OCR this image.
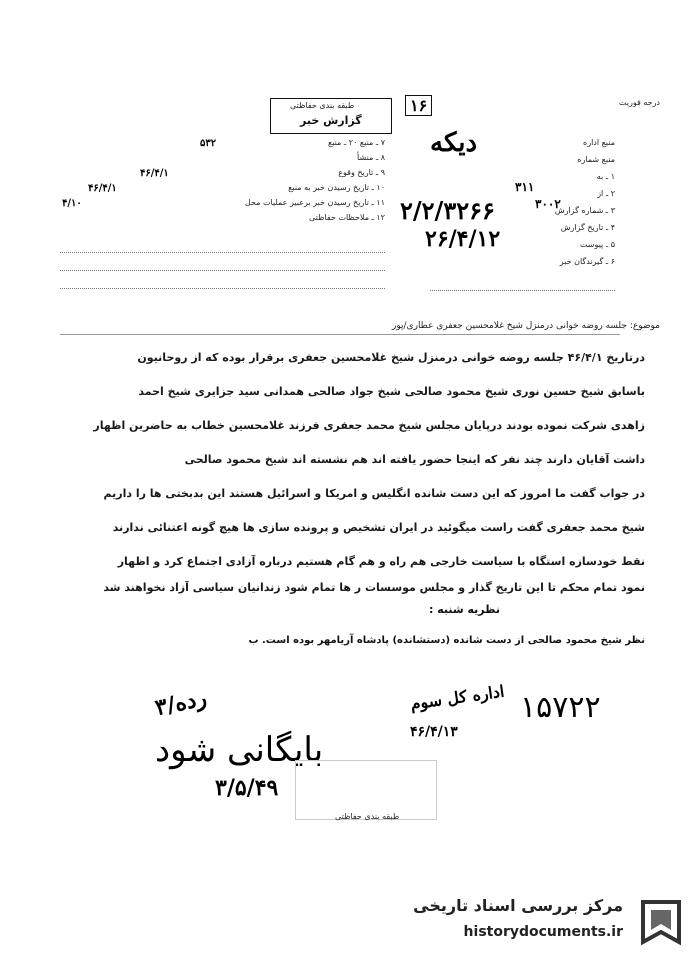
درجه فوریت
طبقه بندی حفاظتی
گزارش خبر
۱۶
دیکه
۳۱۱
۳۰۰۲
۲/۲/۳۲۶۶
۲۶/۴/۱۲
۷ ـ منبع ۲۰ ـ منبع
۵۳۲
۸ ـ منشأ
۹ ـ تاریخ وقوع
۴۶/۴/۱
۱۰ ـ تاریخ رسیدن خبر به منبع
۴۶/۴/۱
۱۱ ـ تاریخ رسیدن خبر برعبیر عملیات محل
۴/۱۰
۱۲ ـ ملاحظات حفاظتی
منبع اداره
منبع شماره
۱ ـ به
۲ ـ از
۳ ـ شماره گزارش
۴ ـ تاریخ گزارش
۵ ـ پیوست
۶ ـ گیرندگان خبر
موضوع: جلسه روضه خوانی درمنزل شیخ غلامحسین جعفری عطاری/پور
درتاریخ ۴۶/۴/۱ جلسه روضه خوانی درمنزل شیخ غلامحسین جعفری برقرار بوده که از روحانیون
باسابق شیخ حسین نوری شیخ محمود صالحی شیخ جواد صالحی همدانی سید جزایری شیخ احمد
زاهدی شرکت نموده بودند درپایان مجلس شیخ محمد جعفری فرزند غلامحسین خطاب به حاضرین اظهار
داشت آقایان دارند چند نفر که اینجا حضور یافته اند هم نشسته اند شیخ محمود صالحی
در جواب گفت ما امروز که این دست شانده انگلیس و امریکا و اسرائیل هستند این بدبختی ها را داریم
شیخ محمد جعفری گفت راست میگوئید در ایران تشخیص و پرونده سازی ها هیچ گونه اعتنائی ندارند
نقط خودسازه استگاه با سیاست خارجی هم راه و هم گام هستیم درباره آزادی اجتماع کرد و اظهار
نمود تمام محکم تا این تاریخ گذار و مجلس موسسات ر ها تمام شود زندانیان سیاسی آزاد نخواهند شد
نظریه شنبه :
نظر شیخ محمود صالحی از دست شانده (دستشانده) پادشاه آریامهر بوده است. ب
اداره کل سوم
۴۶/۴/۱۳
۱۵۷۲۲
رده/۳
بایگانی شود
۳/۵/۴۹
طبقه بندی حفاظتی
مرکز بررسی اسناد تاریخی
historydocuments.ir
